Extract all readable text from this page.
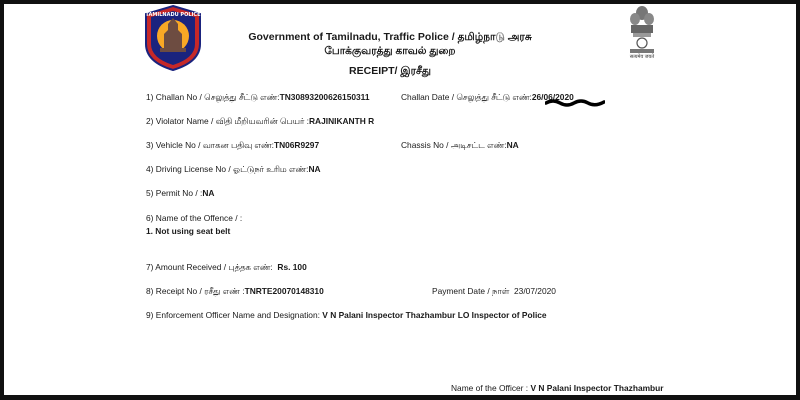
TAMILNADU POLICE
सत्यमेव जयते
Government of Tamilnadu, Traffic Police / தமிழ்நாடு அரசு
போக்குவரத்து காவல் துறை
RECEIPT/ இரசீது
1) Challan No / செலுத்து சீட்டு எண்:TN30893200626150311	Challan Date / செலுத்து சீட்டு எண்:26/06/2020
2) Violator Name / விதி மீறியவரின் பெயர் :RAJINIKANTH R
3) Vehicle No / வாகன பதிவு எண்:TN06R9297	Chassis No / அடிசட்ட எண்:NA
4) Driving License No / ஓட்டுநர் உரிம எண்:NA
5) Permit No / :NA
6) Name of the Offence / :
1. Not using seat belt
7) Amount Received / புத்தக எண்: Rs. 100
8) Receipt No / ரசீது எண் :TNRTE20070148310	Payment Date / நாள் 23/07/2020
9) Enforcement Officer Name and Designation: V N Palani Inspector Thazhambur LO Inspector of Police
Name of the Officer : V N Palani Inspector Thazhambur
